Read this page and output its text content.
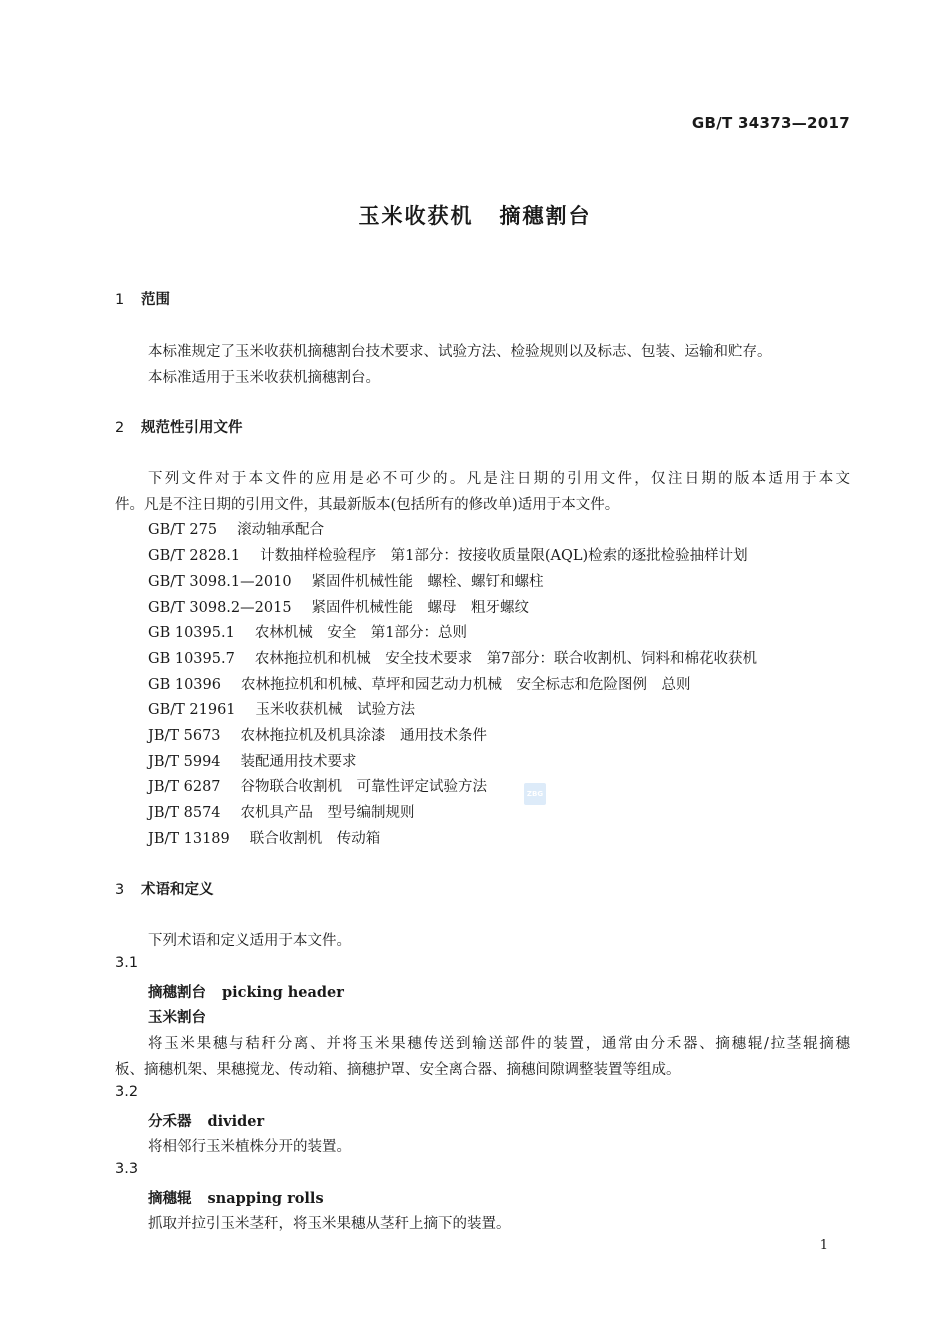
GB/T 34373—2017
玉米收获机 摘穗割台
1 范围
本标准规定了玉米收获机摘穗割台技术要求、试验方法、检验规则以及标志、包装、运输和贮存。
本标准适用于玉米收获机摘穗割台。
2 规范性引用文件
下列文件对于本文件的应用是必不可少的。凡是注日期的引用文件，仅注日期的版本适用于本文
件。凡是不注日期的引用文件，其最新版本(包括所有的修改单)适用于本文件。
GB/T 275 滚动轴承配合
GB/T 2828.1 计数抽样检验程序　第1部分：按接收质量限(AQL)检索的逐批检验抽样计划
GB/T 3098.1—2010 紧固件机械性能　螺栓、螺钉和螺柱
GB/T 3098.2—2015 紧固件机械性能　螺母　粗牙螺纹
GB 10395.1 农林机械　安全　第1部分：总则
GB 10395.7 农林拖拉机和机械　安全技术要求　第7部分：联合收割机、饲料和棉花收获机
GB 10396 农林拖拉机和机械、草坪和园艺动力机械　安全标志和危险图例　总则
GB/T 21961 玉米收获机械　试验方法
JB/T 5673 农林拖拉机及机具涂漆　通用技术条件
JB/T 5994 装配通用技术要求
JB/T 6287 谷物联合收割机　可靠性评定试验方法
JB/T 8574 农机具产品　型号编制规则
JB/T 13189 联合收割机　传动箱
ZBG
3 术语和定义
下列术语和定义适用于本文件。
3.1
摘穗割台 picking header
玉米割台
将玉米果穗与秸秆分离、并将玉米果穗传送到输送部件的装置，通常由分禾器、摘穗辊/拉茎辊摘穗
板、摘穗机架、果穗搅龙、传动箱、摘穗护罩、安全离合器、摘穗间隙调整装置等组成。
3.2
分禾器 divider
将相邻行玉米植株分开的装置。
3.3
摘穗辊 snapping rolls
抓取并拉引玉米茎秆，将玉米果穗从茎秆上摘下的装置。
1
